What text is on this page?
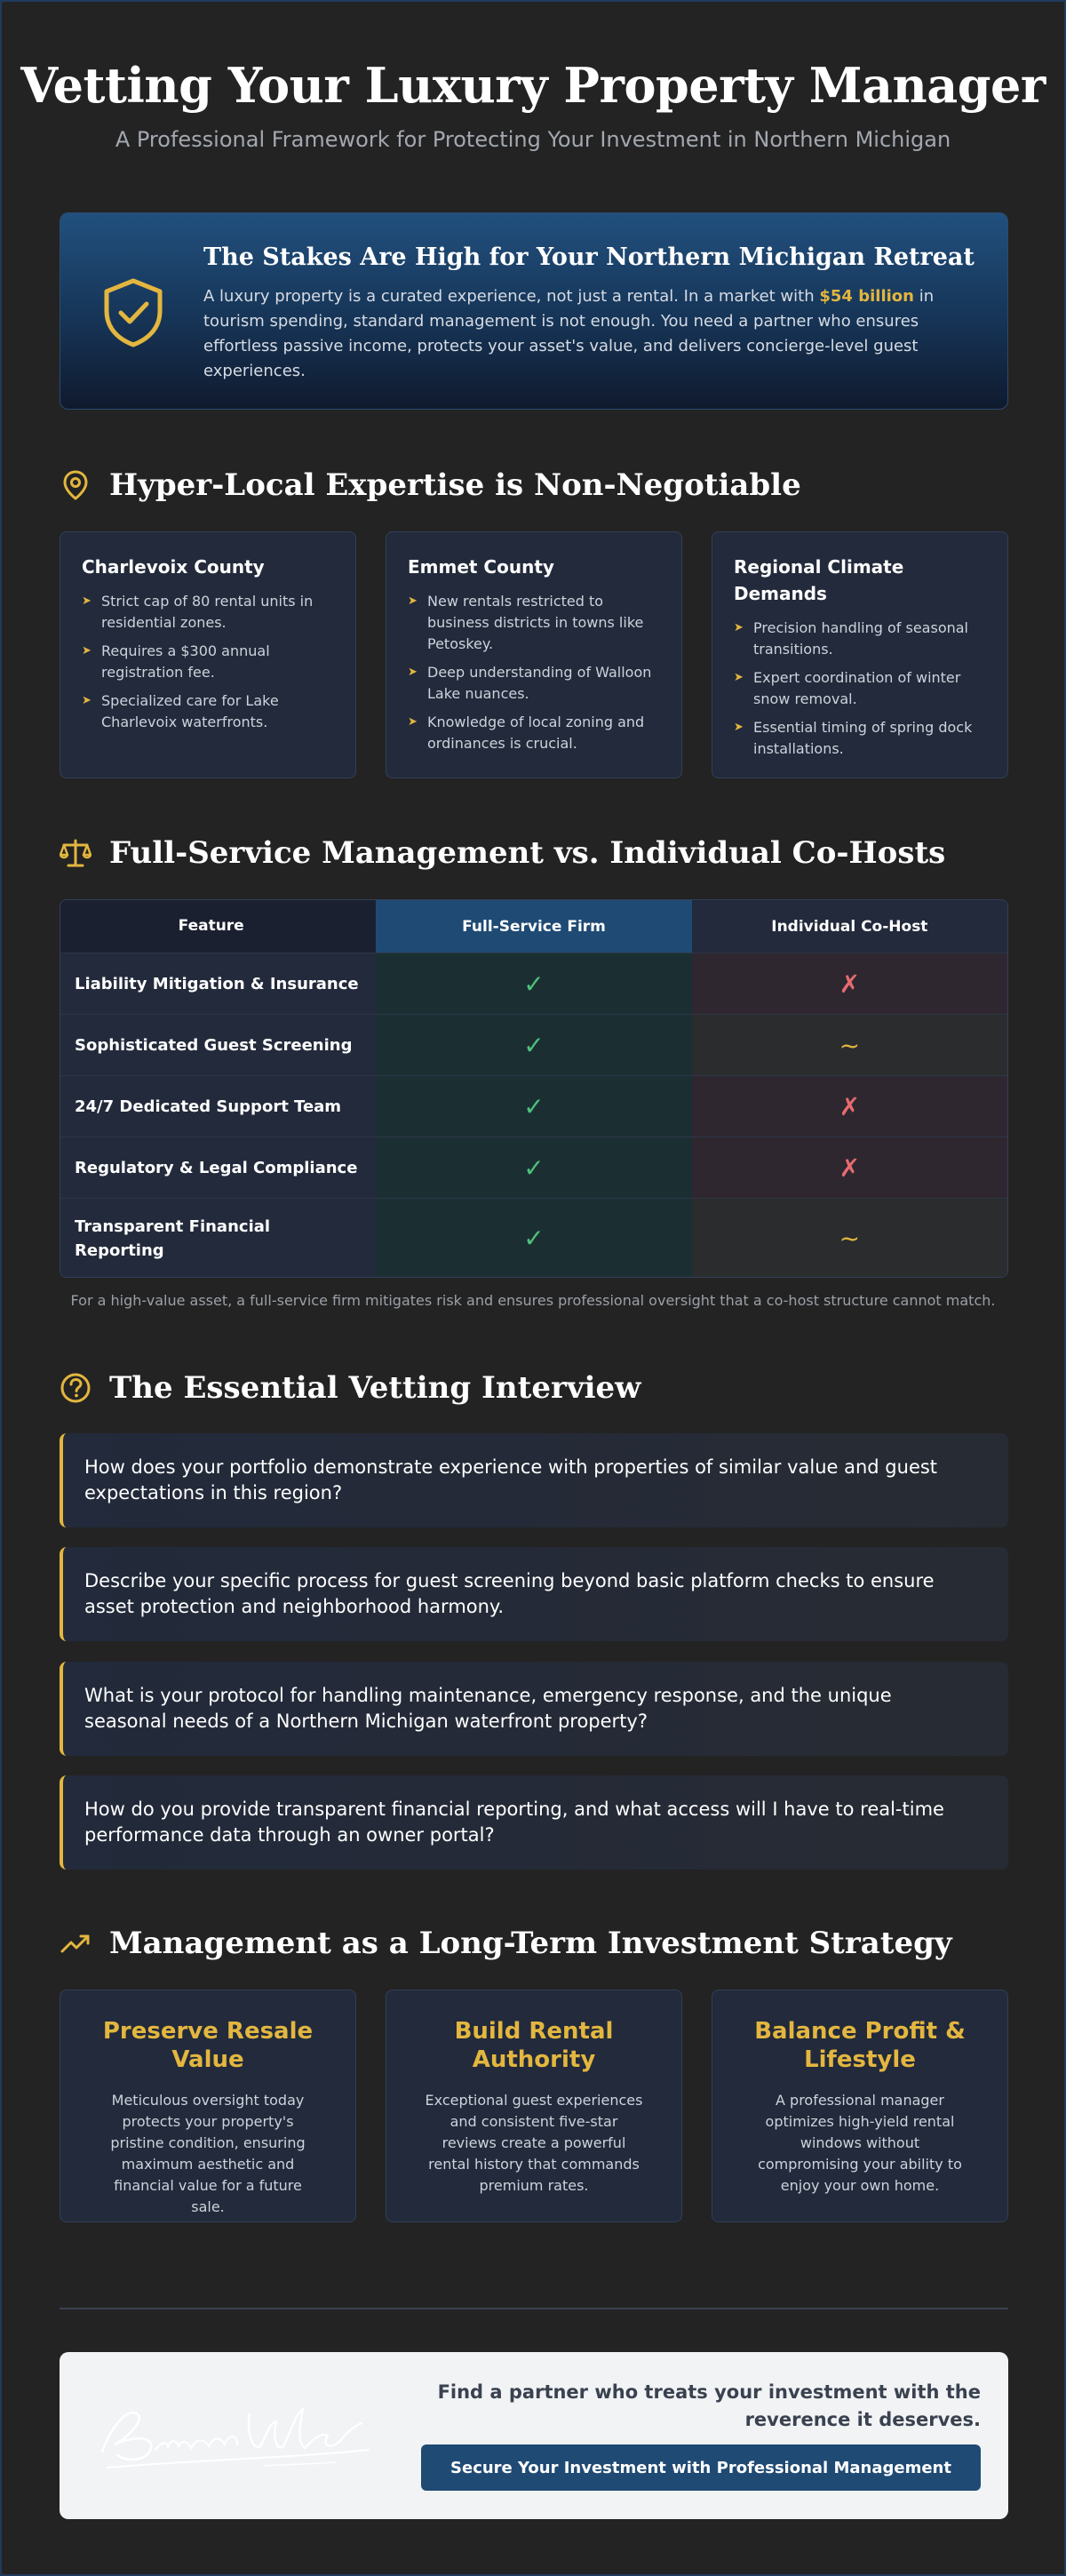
Vetting Your Luxury Property Manager
A Professional Framework for Protecting Your Investment in Northern Michigan
The Stakes Are High for Your Northern Michigan Retreat

A luxury property is a curated experience, not just a rental. In a market with $54 billion in tourism spending, standard management is not enough. You need a partner who ensures effortless passive income, protects your asset's value, and delivers concierge-level guest experiences.

Hyper-Local Expertise is Non-Negotiable
Charlevoix County
➤ Strict cap of 80 rental units in residential zones.
➤ Requires a $300 annual registration fee.
➤ Specialized care for Lake Charlevoix waterfronts.
Emmet County
➤ New rentals restricted to business districts in towns like Petoskey.
➤ Deep understanding of Walloon Lake nuances.
➤ Knowledge of local zoning and ordinances is crucial.
Regional Climate Demands
➤ Precision handling of seasonal transitions.
➤ Expert coordination of winter snow removal.
➤ Essential timing of spring dock installations.
Full-Service Management vs. Individual Co-Hosts
Feature	Full-Service Firm	Individual Co-Host
Liability Mitigation & Insurance	✓	✗
Sophisticated Guest Screening	✓	~
24/7 Dedicated Support Team	✓	✗
Regulatory & Legal Compliance	✓	✗
Transparent Financial Reporting	✓	~
For a high-value asset, a full-service firm mitigates risk and ensures professional oversight that a co-host structure cannot match.
The Essential Vetting Interview
How does your portfolio demonstrate experience with properties of similar value and guest expectations in this region?
Describe your specific process for guest screening beyond basic platform checks to ensure asset protection and neighborhood harmony.
What is your protocol for handling maintenance, emergency response, and the unique seasonal needs of a Northern Michigan waterfront property?
How do you provide transparent financial reporting, and what access will I have to real-time performance data through an owner portal?
Management as a Long-Term Investment Strategy
Preserve Resale Value

Meticulous oversight today protects your property's pristine condition, ensuring maximum aesthetic and financial value for a future sale.

Build Rental Authority

Exceptional guest experiences and consistent five-star reviews create a powerful rental history that commands premium rates.

Balance Profit & Lifestyle

A professional manager optimizes high-yield rental windows without compromising your ability to enjoy your own home.

Find a partner who treats your investment with the reverence it deserves.
Secure Your Investment with Professional Management
